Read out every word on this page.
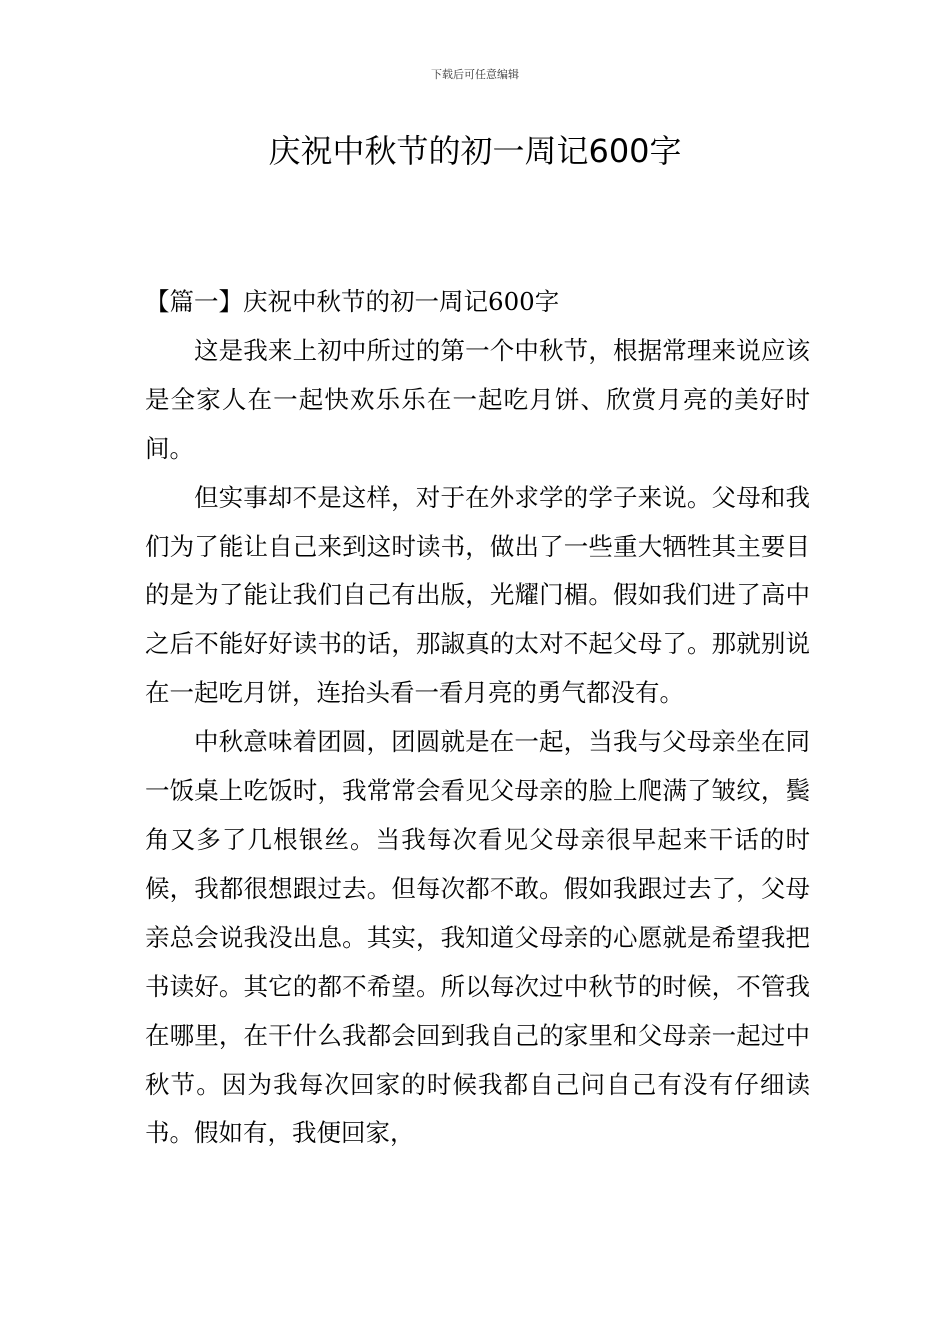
下载后可任意编辑
庆祝中秋节的初一周记600字

【篇一】庆祝中秋节的初一周记600字

这是我来上初中所过的第一个中秋节，根据常理来说应该是全家人在一起快欢乐乐在一起吃月饼、欣赏月亮的美好时间。

但实事却不是这样，对于在外求学的学子来说。父母和我们为了能让自己来到这时读书，做出了一些重大牺牲其主要目的是为了能让我们自己有出版，光耀门楣。假如我们进了高中之后不能好好读书的话，那諔真的太对不起父母了。那就别说在一起吃月饼，连抬头看一看月亮的勇气都没有。

中秋意味着团圆，团圆就是在一起，当我与父母亲坐在同一饭桌上吃饭时，我常常会看见父母亲的脸上爬满了皱纹，鬓角又多了几根银丝。当我每次看见父母亲很早起来干话的时候，我都很想跟过去。但每次都不敢。假如我跟过去了，父母亲总会说我没出息。其实，我知道父母亲的心愿就是希望我把书读好。其它的都不希望。所以每次过中秋节的时候，不管我在哪里，在干什么我都会回到我自己的家里和父母亲一起过中秋节。因为我每次回家的时候我都自己问自己有没有仔细读书。假如有，我便回家，
